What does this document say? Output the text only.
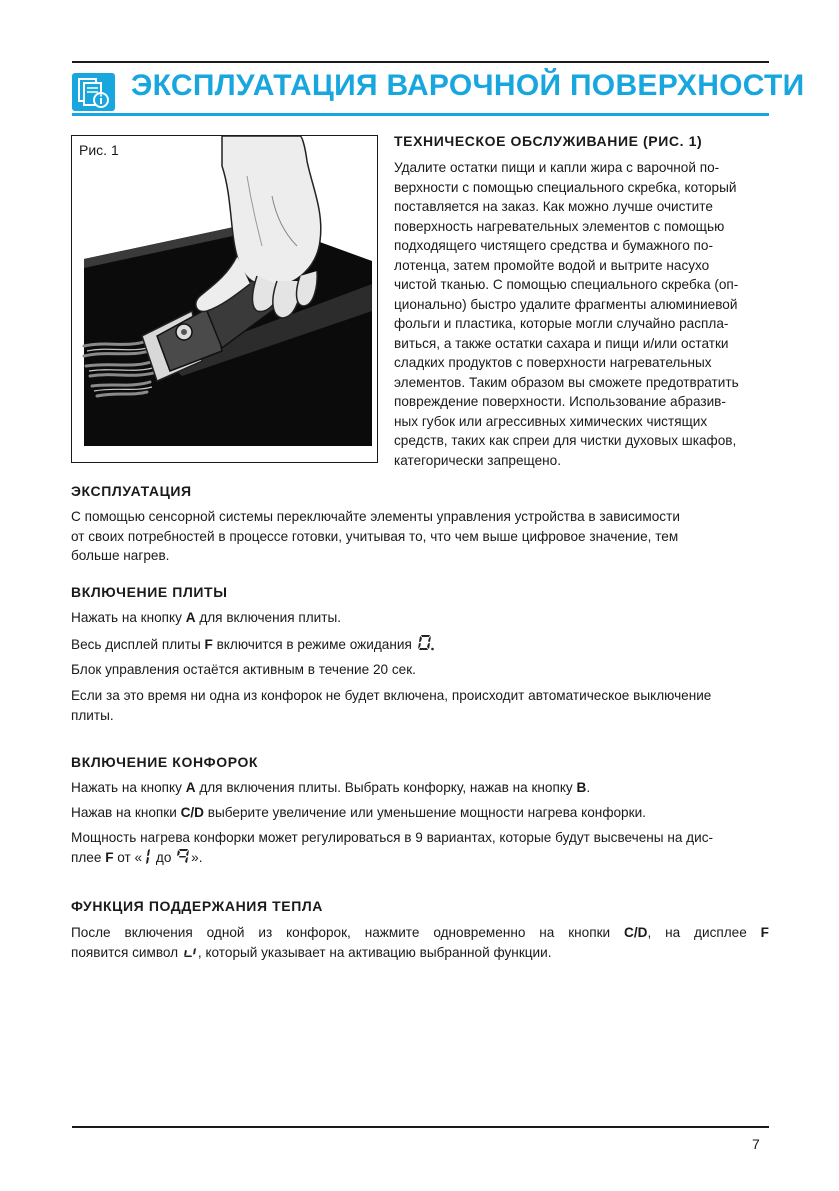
ЭКСПЛУАТАЦИЯ ВАРОЧНОЙ ПОВЕРХНОСТИ
Рис. 1
ТЕХНИЧЕСКОЕ ОБСЛУЖИВАНИЕ (РИС. 1)
Удалите остатки пищи и капли жира с варочной по-
верхности с помощью специального скребка, который
поставляется на заказ. Как можно лучше очистите
поверхность нагревательных элементов с помощью
подходящего чистящего средства и бумажного по-
лотенца, затем промойте водой и вытрите насухо
чистой тканью. С помощью специального скребка (оп-
ционально) быстро удалите фрагменты алюминиевой
фольги и пластика, которые могли случайно распла-
виться, а также остатки сахара и пищи и/или остатки
сладких продуктов с поверхности нагревательных
элементов. Таким образом вы сможете предотвратить
повреждение поверхности. Использование абразив-
ных губок или агрессивных химических чистящих
средств, таких как спреи для чистки духовых шкафов,
категорически запрещено.
ЭКСПЛУАТАЦИЯ
С помощью сенсорной системы переключайте элементы управления устройства в зависимости
от своих потребностей в процессе готовки, учитывая то, что чем выше цифровое значение, тем
больше нагрев.
ВКЛЮЧЕНИЕ ПЛИТЫ
Нажать на кнопку A для включения плиты.
Весь дисплей плиты F включится в режиме ожидания
Блок управления остаётся активным в течение 20 сек.
Если за это время ни одна из конфорок не будет включена, происходит автоматическое выключение
плиты.
ВКЛЮЧЕНИЕ КОНФОРОК
Нажать на кнопку A для включения плиты. Выбрать конфорку, нажав на кнопку B.
Нажав на кнопки C/D выберите увеличение или уменьшение мощности нагрева конфорки.
Мощность нагрева конфорки может регулироваться в 9 вариантах, которые будут высвечены на дис-
плее F от « до ».
ФУНКЦИЯ ПОДДЕРЖАНИЯ ТЕПЛА
После включения одной из конфорок, нажмите одновременно на кнопки C/D, на дисплее F
появится символ , который указывает на активацию выбранной функции.
7
